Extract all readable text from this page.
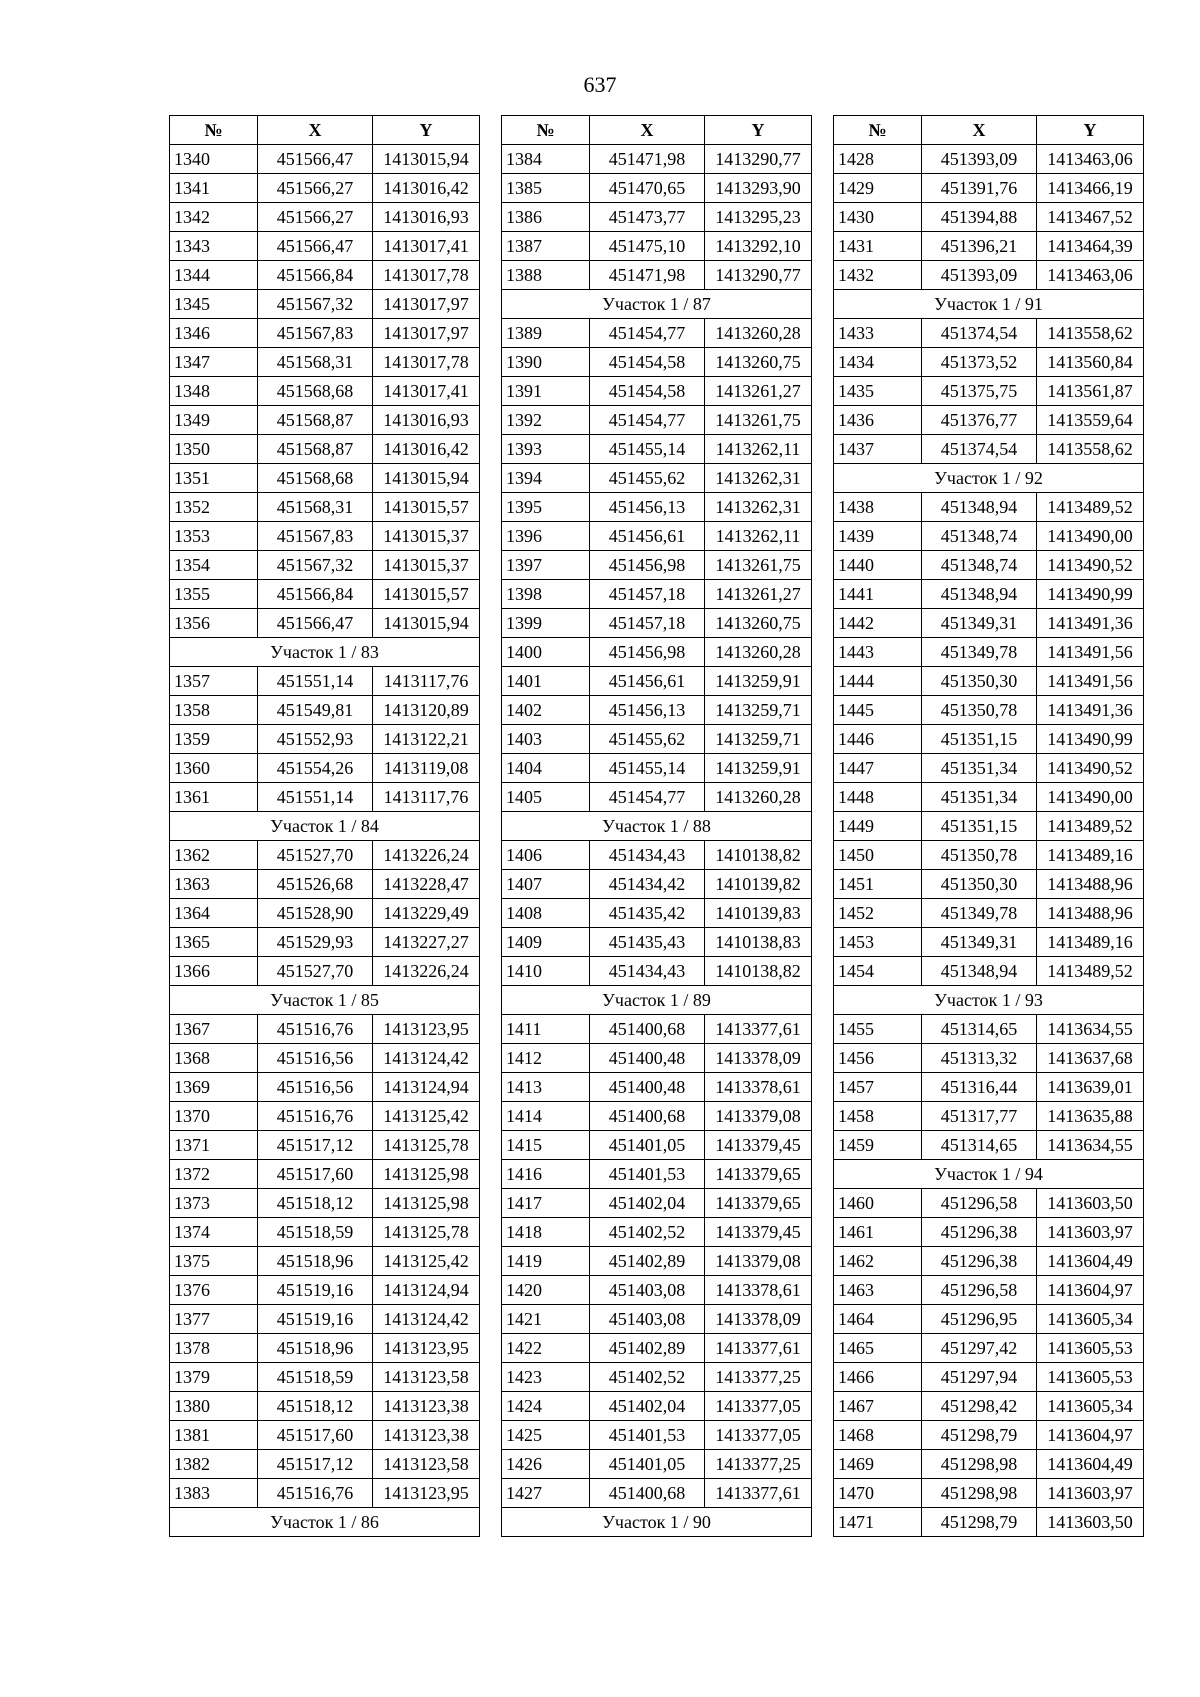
637
№	X	Y
1340	451566,47	1413015,94
1341	451566,27	1413016,42
1342	451566,27	1413016,93
1343	451566,47	1413017,41
1344	451566,84	1413017,78
1345	451567,32	1413017,97
1346	451567,83	1413017,97
1347	451568,31	1413017,78
1348	451568,68	1413017,41
1349	451568,87	1413016,93
1350	451568,87	1413016,42
1351	451568,68	1413015,94
1352	451568,31	1413015,57
1353	451567,83	1413015,37
1354	451567,32	1413015,37
1355	451566,84	1413015,57
1356	451566,47	1413015,94
Участок 1 / 83		
1357	451551,14	1413117,76
1358	451549,81	1413120,89
1359	451552,93	1413122,21
1360	451554,26	1413119,08
1361	451551,14	1413117,76
Участок 1 / 84		
1362	451527,70	1413226,24
1363	451526,68	1413228,47
1364	451528,90	1413229,49
1365	451529,93	1413227,27
1366	451527,70	1413226,24
Участок 1 / 85		
1367	451516,76	1413123,95
1368	451516,56	1413124,42
1369	451516,56	1413124,94
1370	451516,76	1413125,42
1371	451517,12	1413125,78
1372	451517,60	1413125,98
1373	451518,12	1413125,98
1374	451518,59	1413125,78
1375	451518,96	1413125,42
1376	451519,16	1413124,94
1377	451519,16	1413124,42
1378	451518,96	1413123,95
1379	451518,59	1413123,58
1380	451518,12	1413123,38
1381	451517,60	1413123,38
1382	451517,12	1413123,58
1383	451516,76	1413123,95
Участок 1 / 86		
№	X	Y
1384	451471,98	1413290,77
1385	451470,65	1413293,90
1386	451473,77	1413295,23
1387	451475,10	1413292,10
1388	451471,98	1413290,77
Участок 1 / 87		
1389	451454,77	1413260,28
1390	451454,58	1413260,75
1391	451454,58	1413261,27
1392	451454,77	1413261,75
1393	451455,14	1413262,11
1394	451455,62	1413262,31
1395	451456,13	1413262,31
1396	451456,61	1413262,11
1397	451456,98	1413261,75
1398	451457,18	1413261,27
1399	451457,18	1413260,75
1400	451456,98	1413260,28
1401	451456,61	1413259,91
1402	451456,13	1413259,71
1403	451455,62	1413259,71
1404	451455,14	1413259,91
1405	451454,77	1413260,28
Участок 1 / 88		
1406	451434,43	1410138,82
1407	451434,42	1410139,82
1408	451435,42	1410139,83
1409	451435,43	1410138,83
1410	451434,43	1410138,82
Участок 1 / 89		
1411	451400,68	1413377,61
1412	451400,48	1413378,09
1413	451400,48	1413378,61
1414	451400,68	1413379,08
1415	451401,05	1413379,45
1416	451401,53	1413379,65
1417	451402,04	1413379,65
1418	451402,52	1413379,45
1419	451402,89	1413379,08
1420	451403,08	1413378,61
1421	451403,08	1413378,09
1422	451402,89	1413377,61
1423	451402,52	1413377,25
1424	451402,04	1413377,05
1425	451401,53	1413377,05
1426	451401,05	1413377,25
1427	451400,68	1413377,61
Участок 1 / 90		
№	X	Y
1428	451393,09	1413463,06
1429	451391,76	1413466,19
1430	451394,88	1413467,52
1431	451396,21	1413464,39
1432	451393,09	1413463,06
Участок 1 / 91		
1433	451374,54	1413558,62
1434	451373,52	1413560,84
1435	451375,75	1413561,87
1436	451376,77	1413559,64
1437	451374,54	1413558,62
Участок 1 / 92		
1438	451348,94	1413489,52
1439	451348,74	1413490,00
1440	451348,74	1413490,52
1441	451348,94	1413490,99
1442	451349,31	1413491,36
1443	451349,78	1413491,56
1444	451350,30	1413491,56
1445	451350,78	1413491,36
1446	451351,15	1413490,99
1447	451351,34	1413490,52
1448	451351,34	1413490,00
1449	451351,15	1413489,52
1450	451350,78	1413489,16
1451	451350,30	1413488,96
1452	451349,78	1413488,96
1453	451349,31	1413489,16
1454	451348,94	1413489,52
Участок 1 / 93		
1455	451314,65	1413634,55
1456	451313,32	1413637,68
1457	451316,44	1413639,01
1458	451317,77	1413635,88
1459	451314,65	1413634,55
Участок 1 / 94		
1460	451296,58	1413603,50
1461	451296,38	1413603,97
1462	451296,38	1413604,49
1463	451296,58	1413604,97
1464	451296,95	1413605,34
1465	451297,42	1413605,53
1466	451297,94	1413605,53
1467	451298,42	1413605,34
1468	451298,79	1413604,97
1469	451298,98	1413604,49
1470	451298,98	1413603,97
1471	451298,79	1413603,50
